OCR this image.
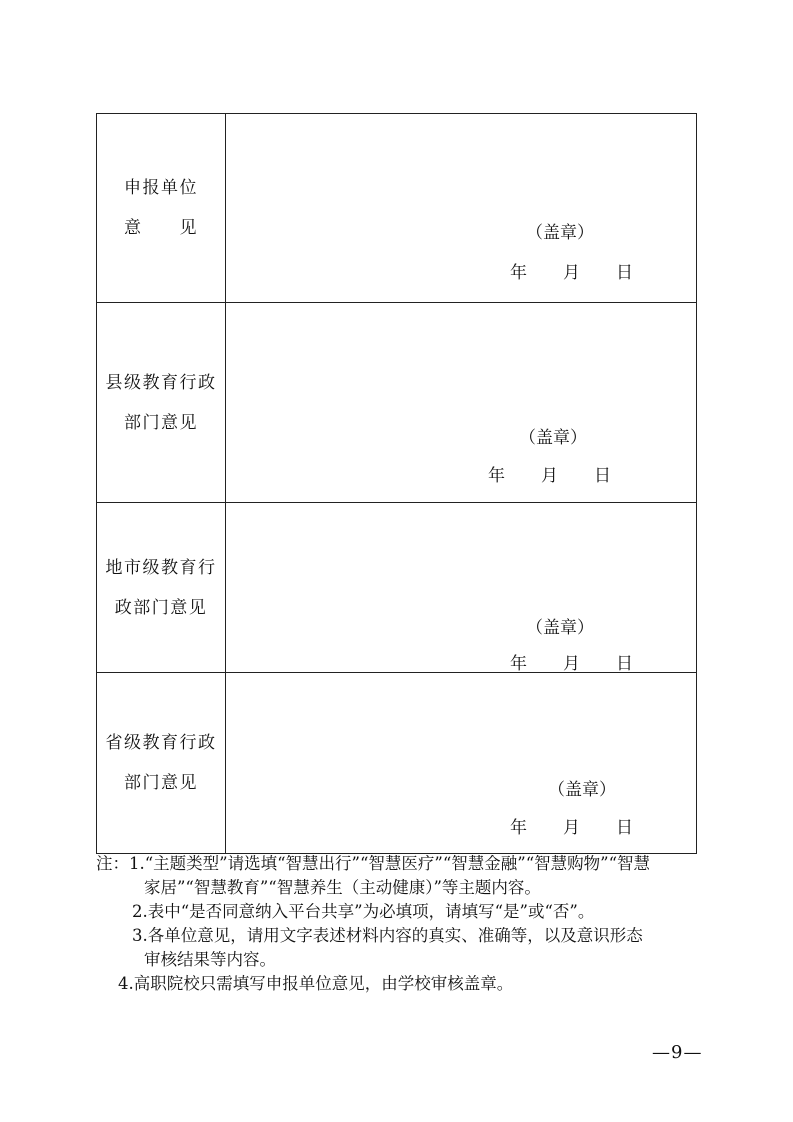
申报单位
意　　见	（盖章）
年 月 日

县级教育行政
部门意见	（盖章）
年 月 日

地市级教育行
政部门意见	（盖章）
年 月 日

省级教育行政
部门意见	（盖章）
年 月 日
注：1.“主题类型”请选填“智慧出行”“智慧医疗”“智慧金融”“智慧购物”“智慧
家居”“智慧教育”“智慧养生（主动健康）”等主题内容。
2.表中“是否同意纳入平台共享”为必填项，请填写“是”或“否”。
3.各单位意见，请用文字表述材料内容的真实、准确等，以及意识形态
审核结果等内容。
4.高职院校只需填写申报单位意见，由学校审核盖章。
—9—
